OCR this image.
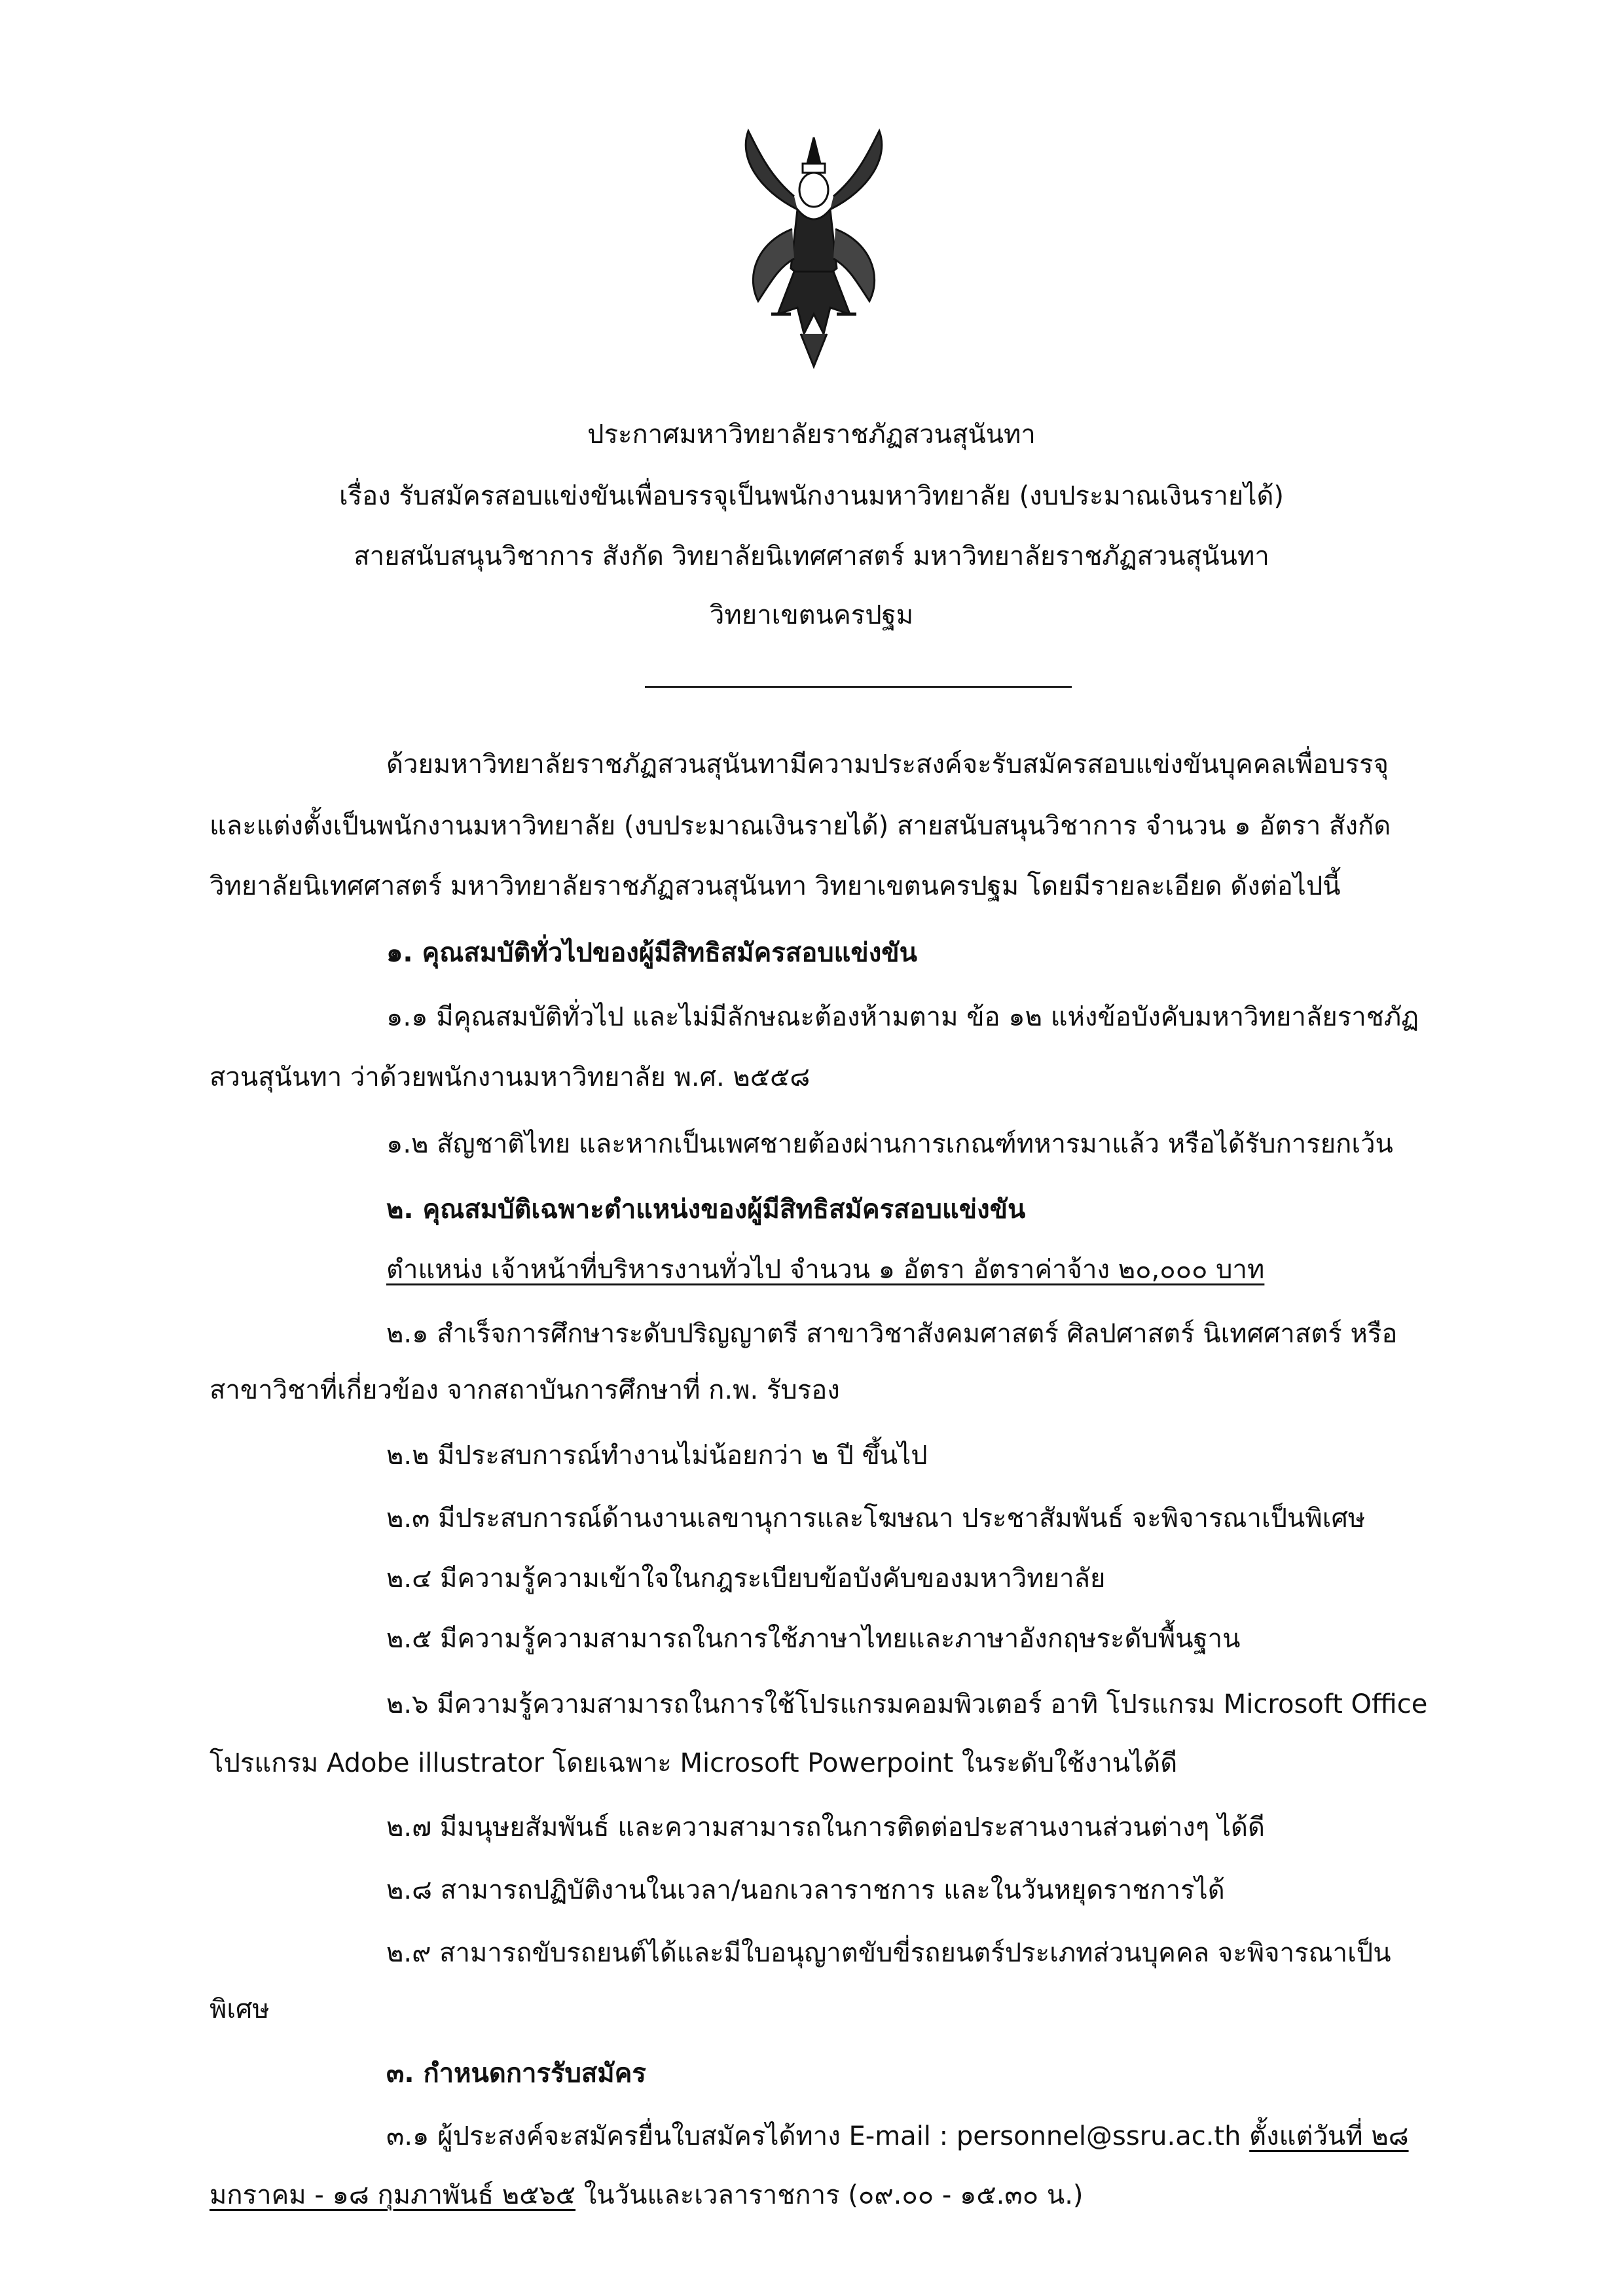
ประกาศมหาวิทยาลัยราชภัฏสวนสุนันทา
เรื่อง รับสมัครสอบแข่งขันเพื่อบรรจุเป็นพนักงานมหาวิทยาลัย (งบประมาณเงินรายได้)
สายสนับสนุนวิชาการ สังกัด วิทยาลัยนิเทศศาสตร์ มหาวิทยาลัยราชภัฏสวนสุนันทา
วิทยาเขตนครปฐม
ด้วยมหาวิทยาลัยราชภัฏสวนสุนันทามีความประสงค์จะรับสมัครสอบแข่งขันบุคคลเพื่อบรรจุ
และแต่งตั้งเป็นพนักงานมหาวิทยาลัย (งบประมาณเงินรายได้) สายสนับสนุนวิชาการ จำนวน ๑ อัตรา สังกัด
วิทยาลัยนิเทศศาสตร์ มหาวิทยาลัยราชภัฏสวนสุนันทา วิทยาเขตนครปฐม โดยมีรายละเอียด ดังต่อไปนี้
๑. คุณสมบัติทั่วไปของผู้มีสิทธิสมัครสอบแข่งขัน
๑.๑ มีคุณสมบัติทั่วไป และไม่มีลักษณะต้องห้ามตาม ข้อ ๑๒ แห่งข้อบังคับมหาวิทยาลัยราชภัฏ
สวนสุนันทา ว่าด้วยพนักงานมหาวิทยาลัย พ.ศ. ๒๕๕๘
๑.๒ สัญชาติไทย และหากเป็นเพศชายต้องผ่านการเกณฑ์ทหารมาแล้ว หรือได้รับการยกเว้น
๒. คุณสมบัติเฉพาะตำแหน่งของผู้มีสิทธิสมัครสอบแข่งขัน
ตำแหน่ง เจ้าหน้าที่บริหารงานทั่วไป จำนวน ๑ อัตรา อัตราค่าจ้าง ๒๐,๐๐๐ บาท
๒.๑ สำเร็จการศึกษาระดับปริญญาตรี สาขาวิชาสังคมศาสตร์ ศิลปศาสตร์ นิเทศศาสตร์ หรือ
สาขาวิชาที่เกี่ยวข้อง จากสถาบันการศึกษาที่ ก.พ. รับรอง
๒.๒ มีประสบการณ์ทำงานไม่น้อยกว่า ๒ ปี ขึ้นไป
๒.๓ มีประสบการณ์ด้านงานเลขานุการและโฆษณา ประชาสัมพันธ์ จะพิจารณาเป็นพิเศษ
๒.๔ มีความรู้ความเข้าใจในกฎระเบียบข้อบังคับของมหาวิทยาลัย
๒.๕ มีความรู้ความสามารถในการใช้ภาษาไทยและภาษาอังกฤษระดับพื้นฐาน
๒.๖ มีความรู้ความสามารถในการใช้โปรแกรมคอมพิวเตอร์ อาทิ โปรแกรม Microsoft Office
โปรแกรม Adobe illustrator โดยเฉพาะ Microsoft Powerpoint ในระดับใช้งานได้ดี
๒.๗ มีมนุษยสัมพันธ์ และความสามารถในการติดต่อประสานงานส่วนต่างๆ ได้ดี
๒.๘ สามารถปฏิบัติงานในเวลา/นอกเวลาราชการ และในวันหยุดราชการได้
๒.๙ สามารถขับรถยนต์ได้และมีใบอนุญาตขับขี่รถยนตร์ประเภทส่วนบุคคล จะพิจารณาเป็น
พิเศษ
๓. กำหนดการรับสมัคร
๓.๑ ผู้ประสงค์จะสมัครยื่นใบสมัครได้ทาง E-mail : personnel@ssru.ac.th ตั้งแต่วันที่ ๒๘
มกราคม - ๑๘ กุมภาพันธ์ ๒๕๖๕ ในวันและเวลาราชการ (๐๙.๐๐ - ๑๕.๓๐ น.)
